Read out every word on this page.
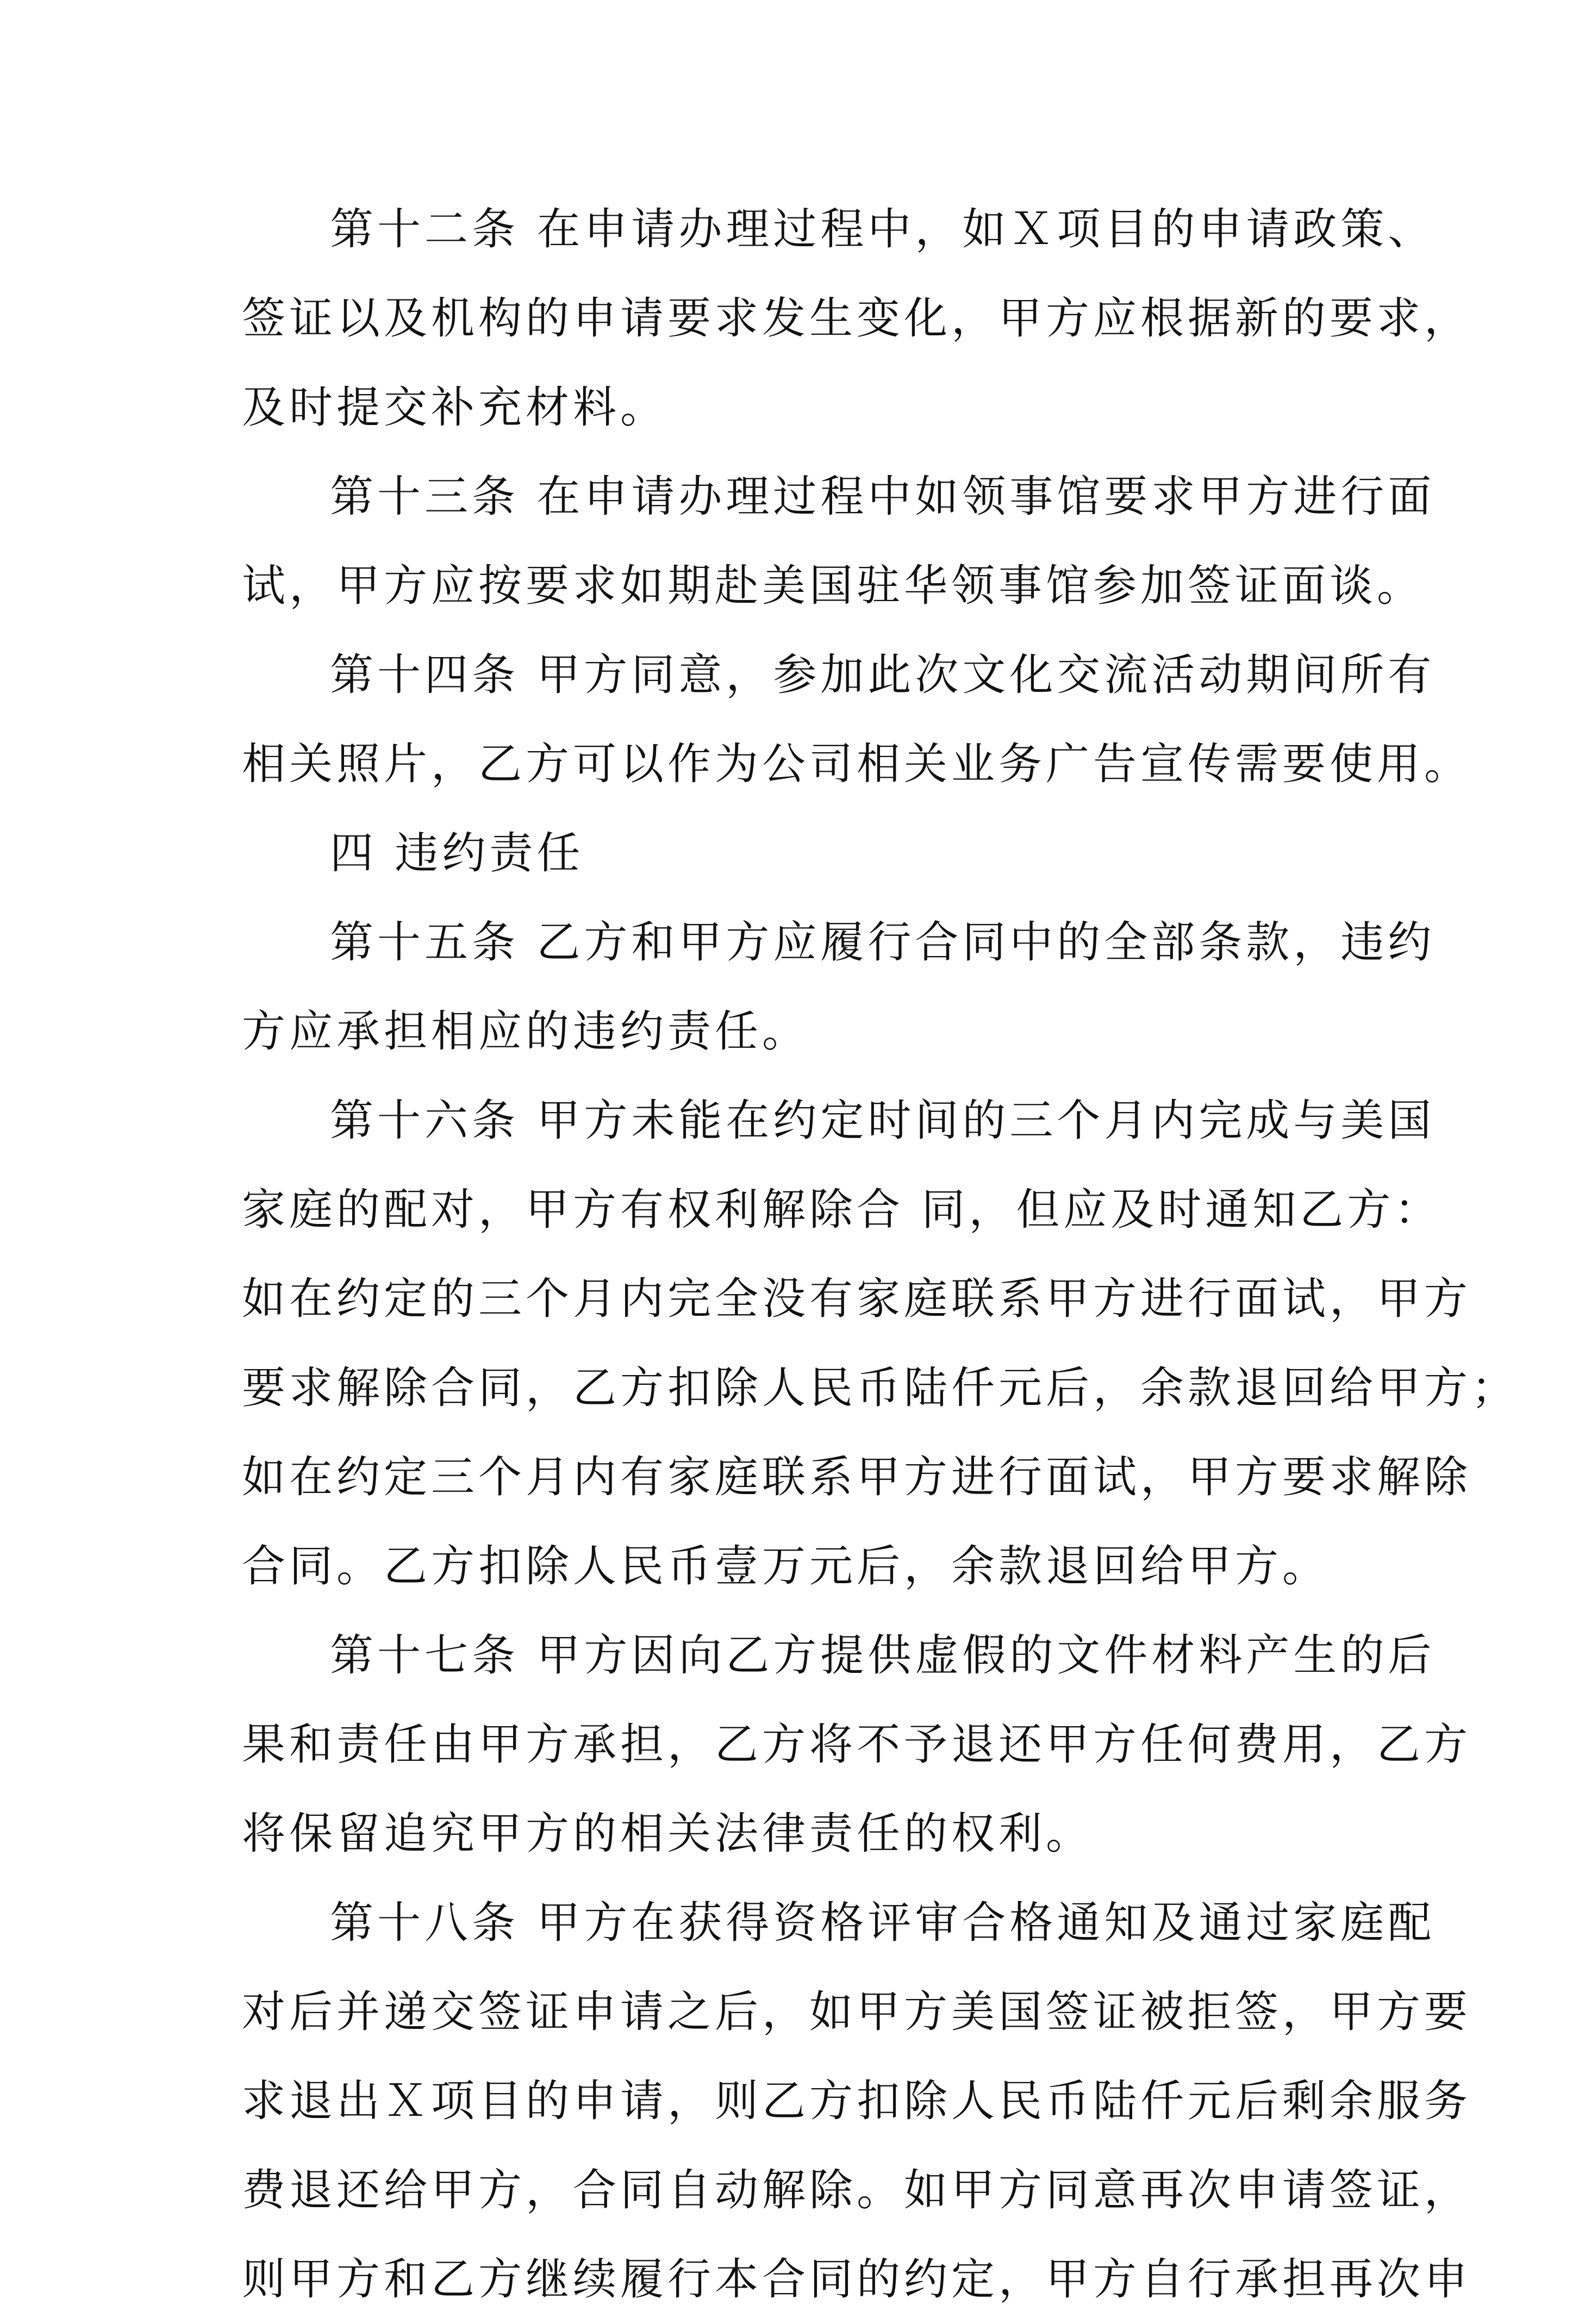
第十二条 在申请办理过程中，如Ｘ项目的申请政策、
签证以及机构的申请要求发生变化，甲方应根据新的要求，
及时提交补充材料。
第十三条 在申请办理过程中如领事馆要求甲方进行面
试，甲方应按要求如期赴美国驻华领事馆参加签证面谈。
第十四条 甲方同意，参加此次文化交流活动期间所有
相关照片，乙方可以作为公司相关业务广告宣传需要使用。
四 违约责任
第十五条 乙方和甲方应履行合同中的全部条款，违约
方应承担相应的违约责任。
第十六条 甲方未能在约定时间的三个月内完成与美国
家庭的配对，甲方有权利解除合 同，但应及时通知乙方：
如在约定的三个月内完全没有家庭联系甲方进行面试，甲方
要求解除合同，乙方扣除人民币陆仟元后，余款退回给甲方；
如在约定三个月内有家庭联系甲方进行面试，甲方要求解除
合同。乙方扣除人民币壹万元后，余款退回给甲方。
第十七条 甲方因向乙方提供虚假的文件材料产生的后
果和责任由甲方承担，乙方将不予退还甲方任何费用，乙方
将保留追究甲方的相关法律责任的权利。
第十八条 甲方在获得资格评审合格通知及通过家庭配
对后并递交签证申请之后，如甲方美国签证被拒签，甲方要
求退出Ｘ项目的申请，则乙方扣除人民币陆仟元后剩余服务
费退还给甲方，合同自动解除。如甲方同意再次申请签证，
则甲方和乙方继续履行本合同的约定，甲方自行承担再次申
